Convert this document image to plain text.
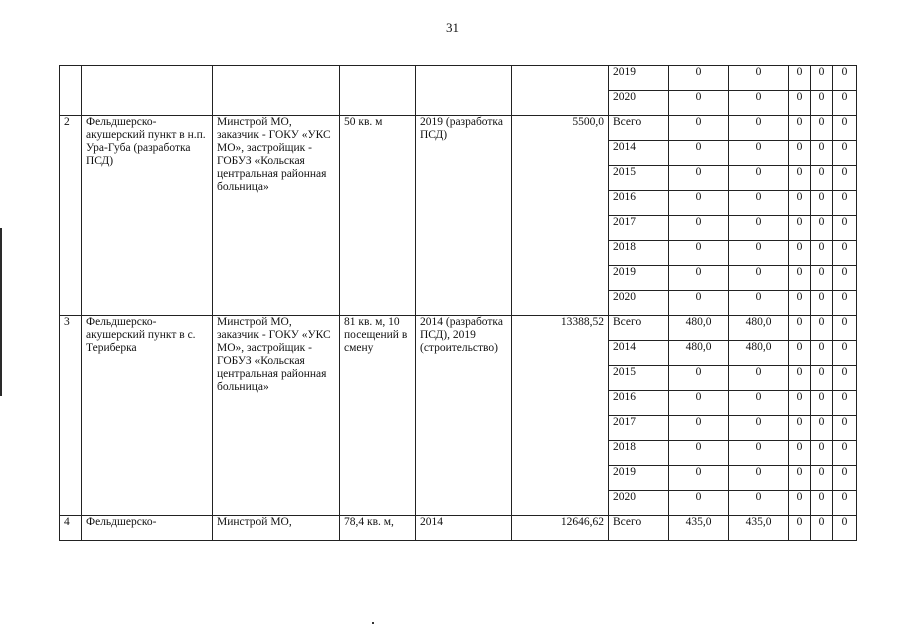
31
						2019	0	0	0	0	0
						2020	0	0	0	0	0
2	Фельдшерско-акушерский пункт в н.п. Ура-Губа (разработка ПСД)	Минстрой МО, заказчик - ГОКУ «УКС МО», застройщик - ГОБУЗ «Кольская центральная районная больница»	50 кв. м	2019 (разработка ПСД)	5500,0	Всего	0	0	0	0	0
						2014	0	0	0	0	0
						2015	0	0	0	0	0
						2016	0	0	0	0	0
						2017	0	0	0	0	0
						2018	0	0	0	0	0
						2019	0	0	0	0	0
						2020	0	0	0	0	0
3	Фельдшерско-акушерский пункт в с. Териберка	Минстрой МО, заказчик - ГОКУ «УКС МО», застройщик - ГОБУЗ «Кольская центральная районная больница»	81 кв. м, 10 посещений в смену	2014 (разработка ПСД), 2019 (строительство)	13388,52	Всего	480,0	480,0	0	0	0
						2014	480,0	480,0	0	0	0
						2015	0	0	0	0	0
						2016	0	0	0	0	0
						2017	0	0	0	0	0
						2018	0	0	0	0	0
						2019	0	0	0	0	0
						2020	0	0	0	0	0
4	Фельдшерско-	Минстрой МО,	78,4 кв. м,	2014	12646,62	Всего	435,0	435,0	0	0	0
